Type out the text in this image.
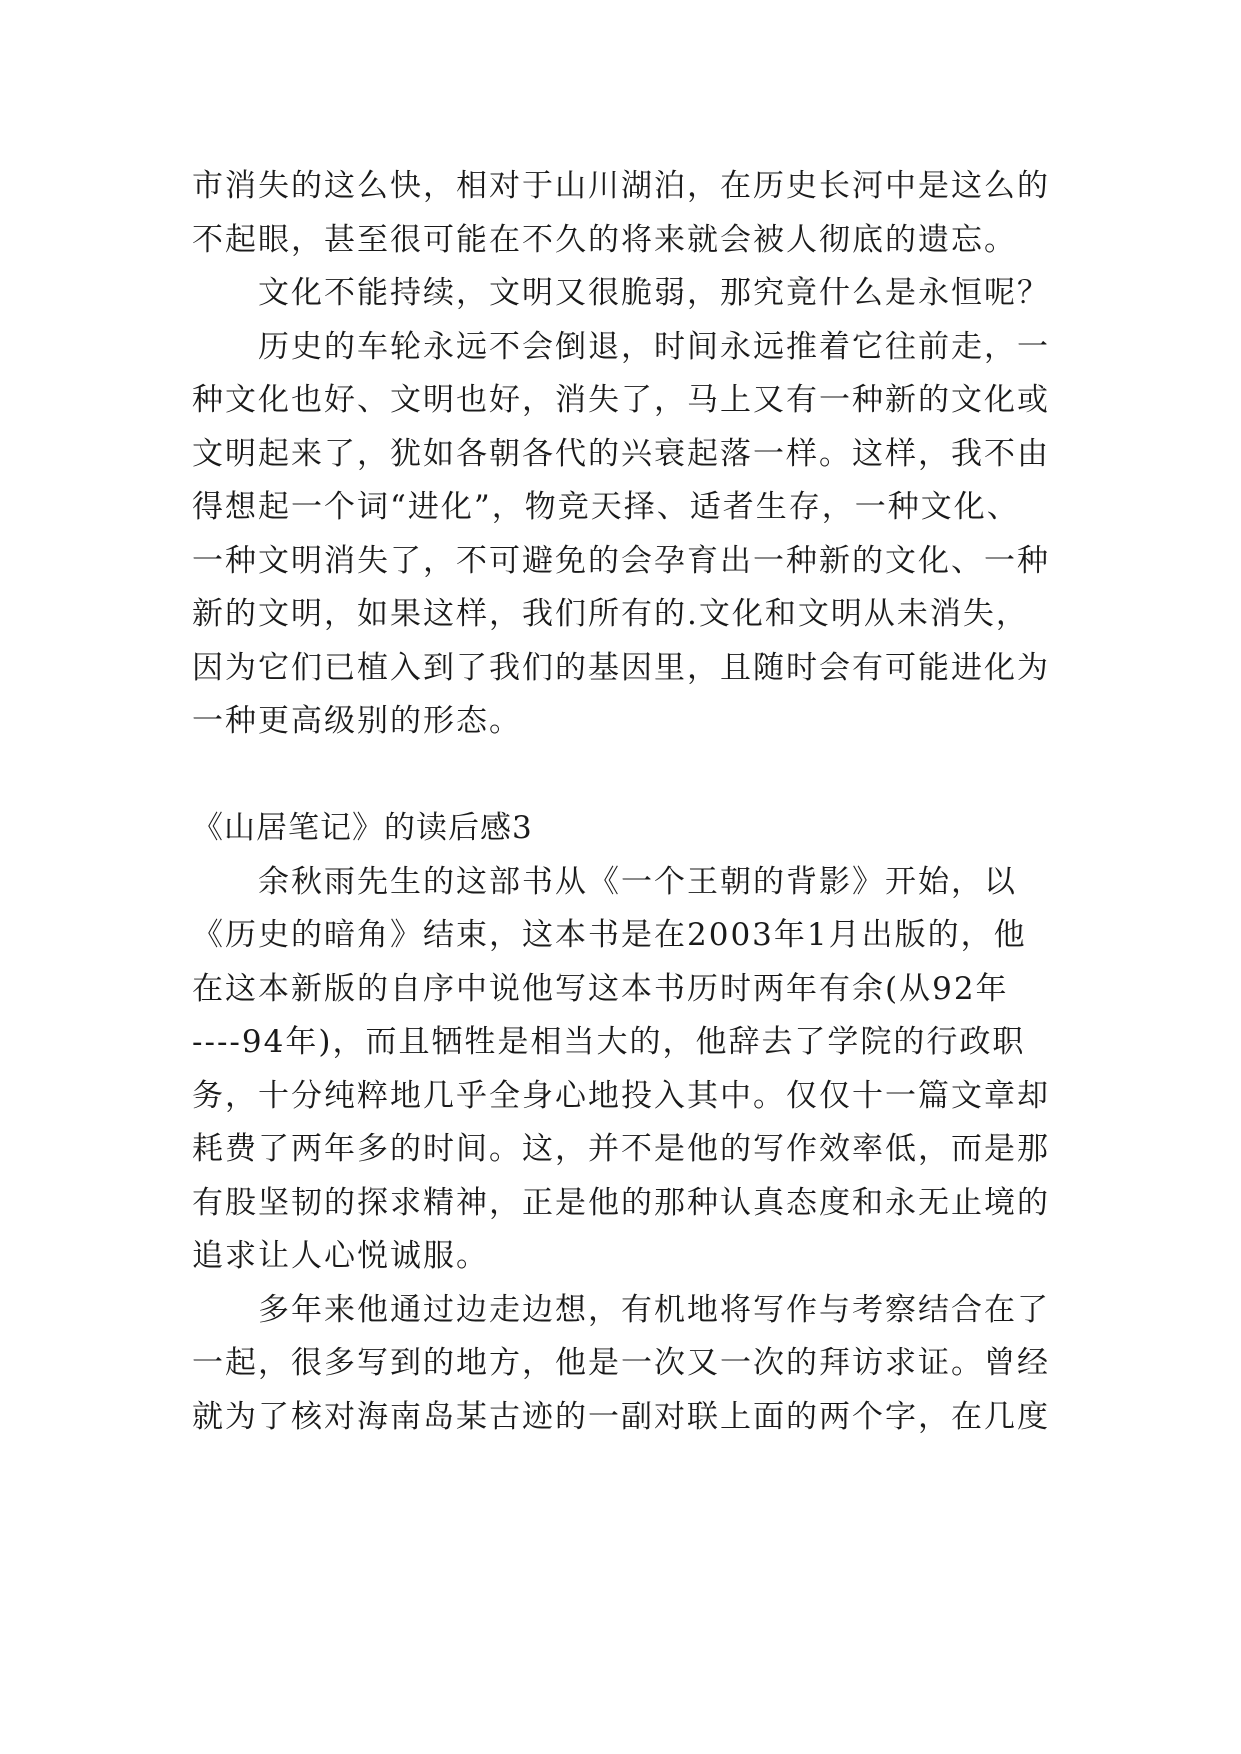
市消失的这么快，相对于山川湖泊，在历史长河中是这么的
不起眼，甚至很可能在不久的将来就会被人彻底的遗忘。
文化不能持续，文明又很脆弱，那究竟什么是永恒呢？
历史的车轮永远不会倒退，时间永远推着它往前走，一
种文化也好、文明也好，消失了，马上又有一种新的文化或
文明起来了，犹如各朝各代的兴衰起落一样。这样，我不由
得想起一个词“进化”，物竞天择、适者生存，一种文化、
一种文明消失了，不可避免的会孕育出一种新的文化、一种
新的文明，如果这样，我们所有的.文化和文明从未消失，
因为它们已植入到了我们的基因里，且随时会有可能进化为
一种更高级别的形态。
《山居笔记》的读后感3
余秋雨先生的这部书从《一个王朝的背影》开始，以
《历史的暗角》结束，这本书是在2003年1月出版的，他
在这本新版的自序中说他写这本书历时两年有余(从92年
----94年)，而且牺牲是相当大的，他辞去了学院的行政职
务，十分纯粹地几乎全身心地投入其中。仅仅十一篇文章却
耗费了两年多的时间。这，并不是他的写作效率低，而是那
有股坚韧的探求精神，正是他的那种认真态度和永无止境的
追求让人心悦诚服。
多年来他通过边走边想，有机地将写作与考察结合在了
一起，很多写到的地方，他是一次又一次的拜访求证。曾经
就为了核对海南岛某古迹的一副对联上面的两个字，在几度
